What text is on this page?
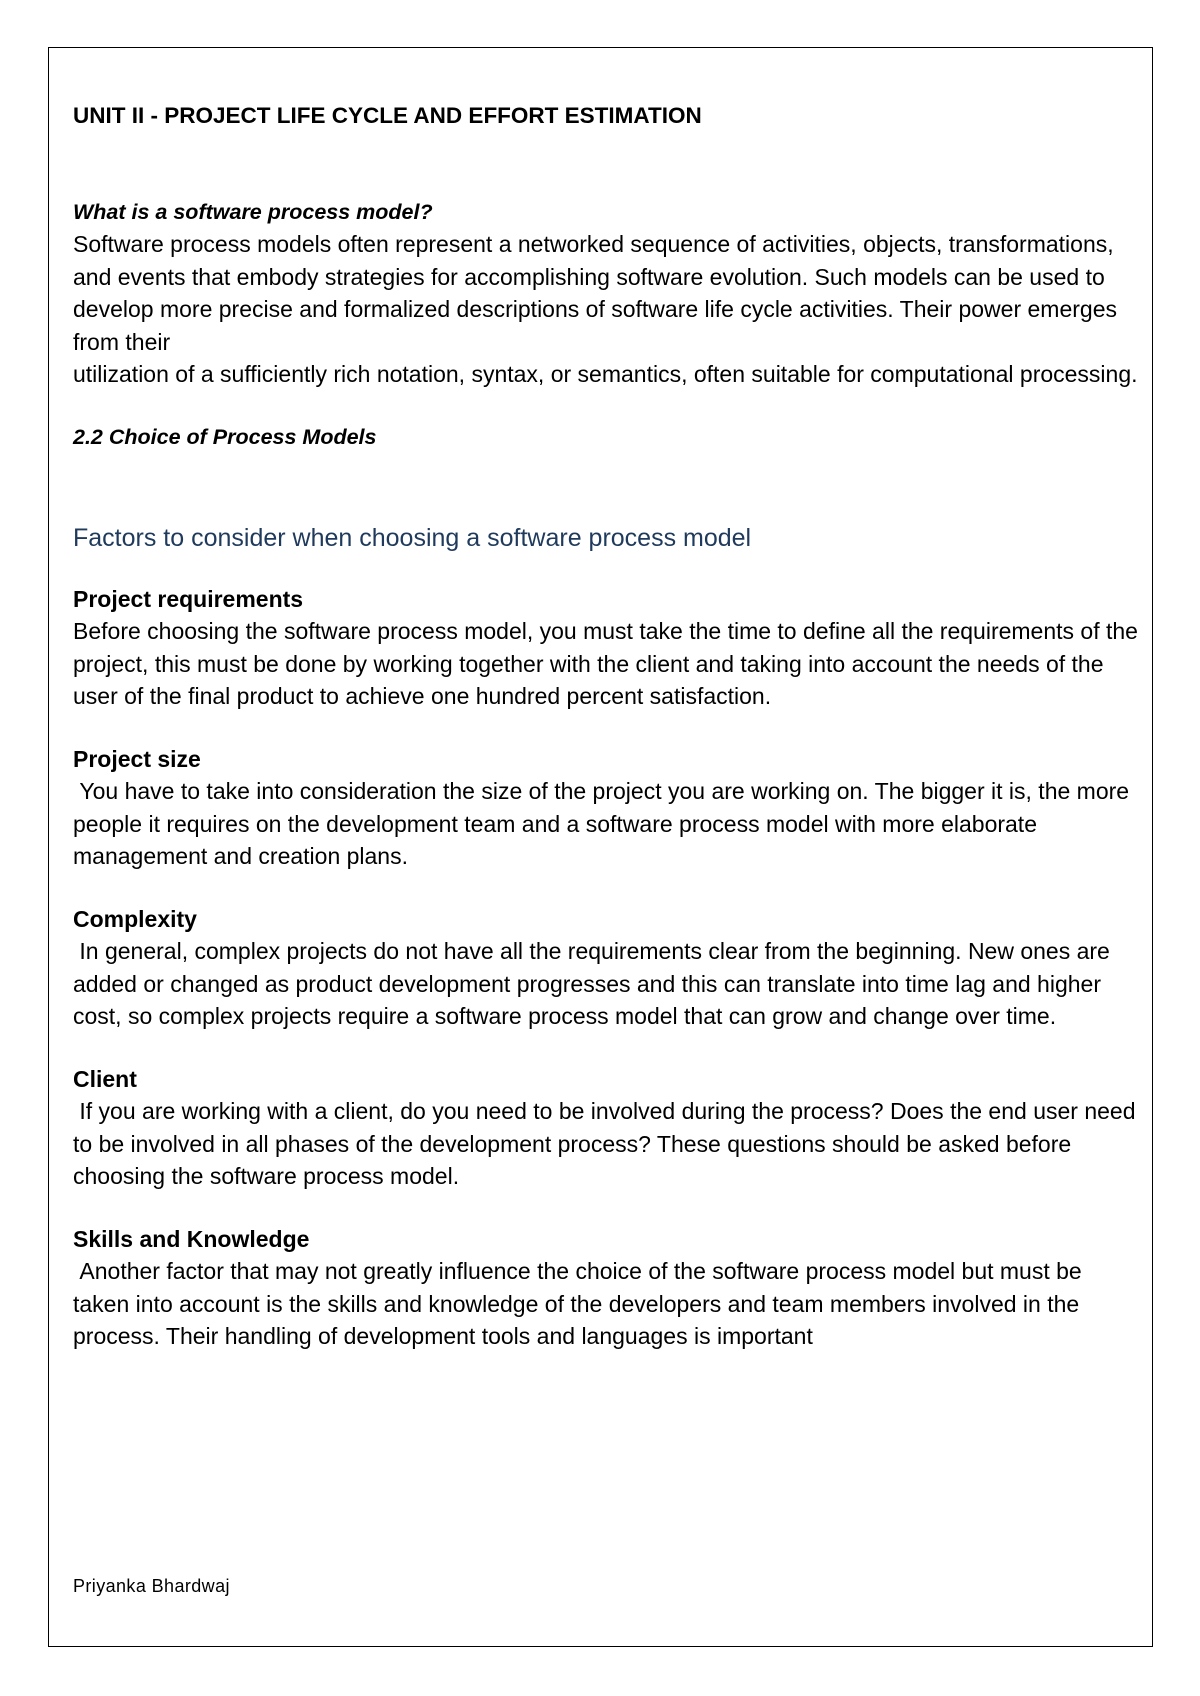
UNIT II - PROJECT LIFE CYCLE AND EFFORT ESTIMATION
What is a software process model?

Software process models often represent a networked sequence of activities, objects, transformations, and events that embody strategies for accomplishing software evolution. Such models can be used to develop more precise and formalized descriptions of software life cycle activities. Their power emerges from their

utilization of a sufficiently rich notation, syntax, or semantics, often suitable for computational processing.

2.2 Choice of Process Models
Factors to consider when choosing a software process model

Project requirements

Before choosing the software process model, you must take the time to define all the requirements of the project, this must be done by working together with the client and taking into account the needs of the user of the final product to achieve one hundred percent satisfaction.

Project size

You have to take into consideration the size of the project you are working on. The bigger it is, the more people it requires on the development team and a software process model with more elaborate management and creation plans.

Complexity

In general, complex projects do not have all the requirements clear from the beginning. New ones are added or changed as product development progresses and this can translate into time lag and higher cost, so complex projects require a software process model that can grow and change over time.

Client

If you are working with a client, do you need to be involved during the process? Does the end user need to be involved in all phases of the development process? These questions should be asked before choosing the software process model.

Skills and Knowledge

Another factor that may not greatly influence the choice of the software process model but must be taken into account is the skills and knowledge of the developers and team members involved in the process. Their handling of development tools and languages is important

Priyanka Bhardwaj
